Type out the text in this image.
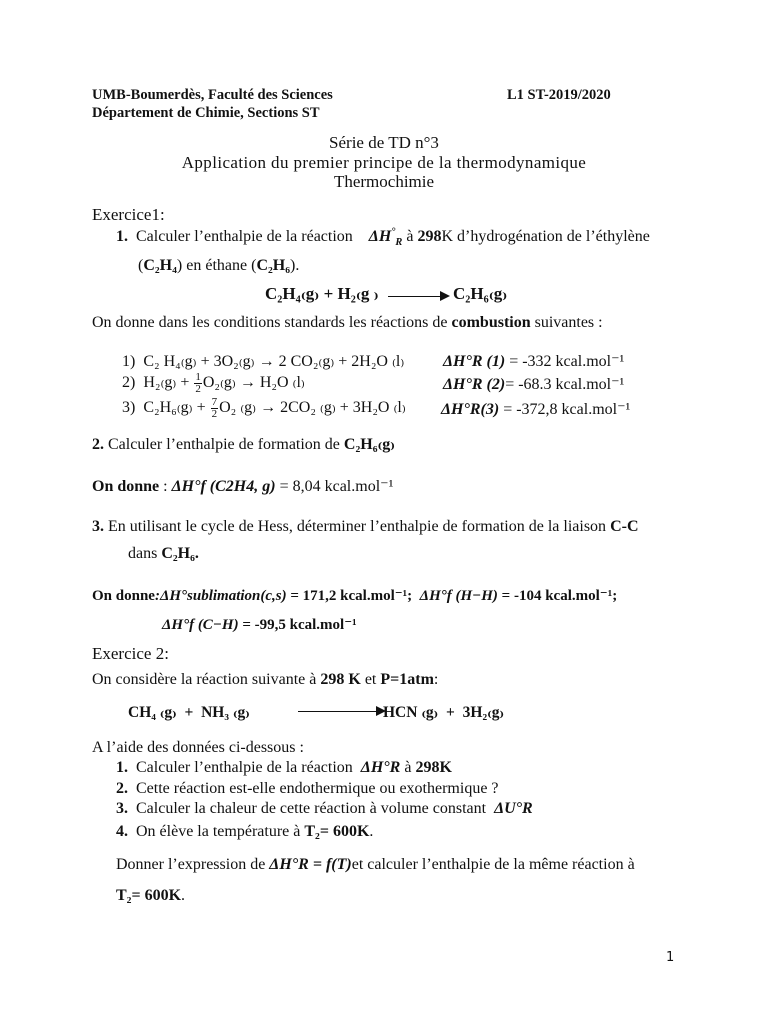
UMB-Boumerdès, Faculté des Sciences
Département de Chimie, Sections ST
L1 ST-2019/2020
Série de TD n°3
Application du premier principe de la thermodynamique
Thermochimie
Exercice1:
1. Calculer l’enthalpie de la réaction $\Delta H^\circ_R$ à 298K d’hydrogénation de l’éthylène
(C₂H₄) en éthane (C₂H₆).
C₂H₄₍g₎ + H₂₍g ₎	C₂H₆₍g₎
On donne dans les conditions standards les réactions de combustion suivantes :
1) C₂ H₄₍g₎ + 3O₂₍g₎ → 2 CO₂₍g₎ + 2H₂O ₍l₎ ΔH°R (1) = -332 kcal.mol⁻¹
2) $H_{2(}g_) + \frac{1}{2} O_{2(}g_) \to H_2O$ ₍l₎	ΔH°R (2)= -68.3 kcal.mol⁻¹
3) $C_2H_{6(}g_) + \frac{7}{2} O_2$ ₍g₎ → 2CO₂ ₍g₎ + 3H₂O ₍l₎ ΔH°R(3) = -372,8 kcal.mol⁻¹
2. Calculer l’enthalpie de formation de C₂H₆₍g₎
On donne : ΔH°f (C2H4, g) = 8,04 kcal.mol⁻¹
3. En utilisant le cycle de Hess, déterminer l’enthalpie de formation de la liaison C-C
dans C₂H₆.
On donne:ΔH°sublimation(c,s) = 171,2 kcal.mol⁻¹; ΔH°f (H−H) = -104 kcal.mol⁻¹;
ΔH°f (C−H) = -99,5 kcal.mol⁻¹
Exercice 2:
On considère la réaction suivante à 298 K et P=1atm:
CH₄ ₍g₎  +  NH₃ ₍g₎	HCN ₍g₎  +  3H₂₍g₎
A l’aide des données ci-dessous :
1. Calculer l’enthalpie de la réaction ΔH°R à 298K
2. Cette réaction est-elle endothermique ou exothermique ?
3. Calculer la chaleur de cette réaction à volume constant ΔU°R
4. On élève la température à T₂= 600K.
Donner l’expression de ΔH°R = f(T)et calculer l’enthalpie de la même réaction à
T₂= 600K.
1
